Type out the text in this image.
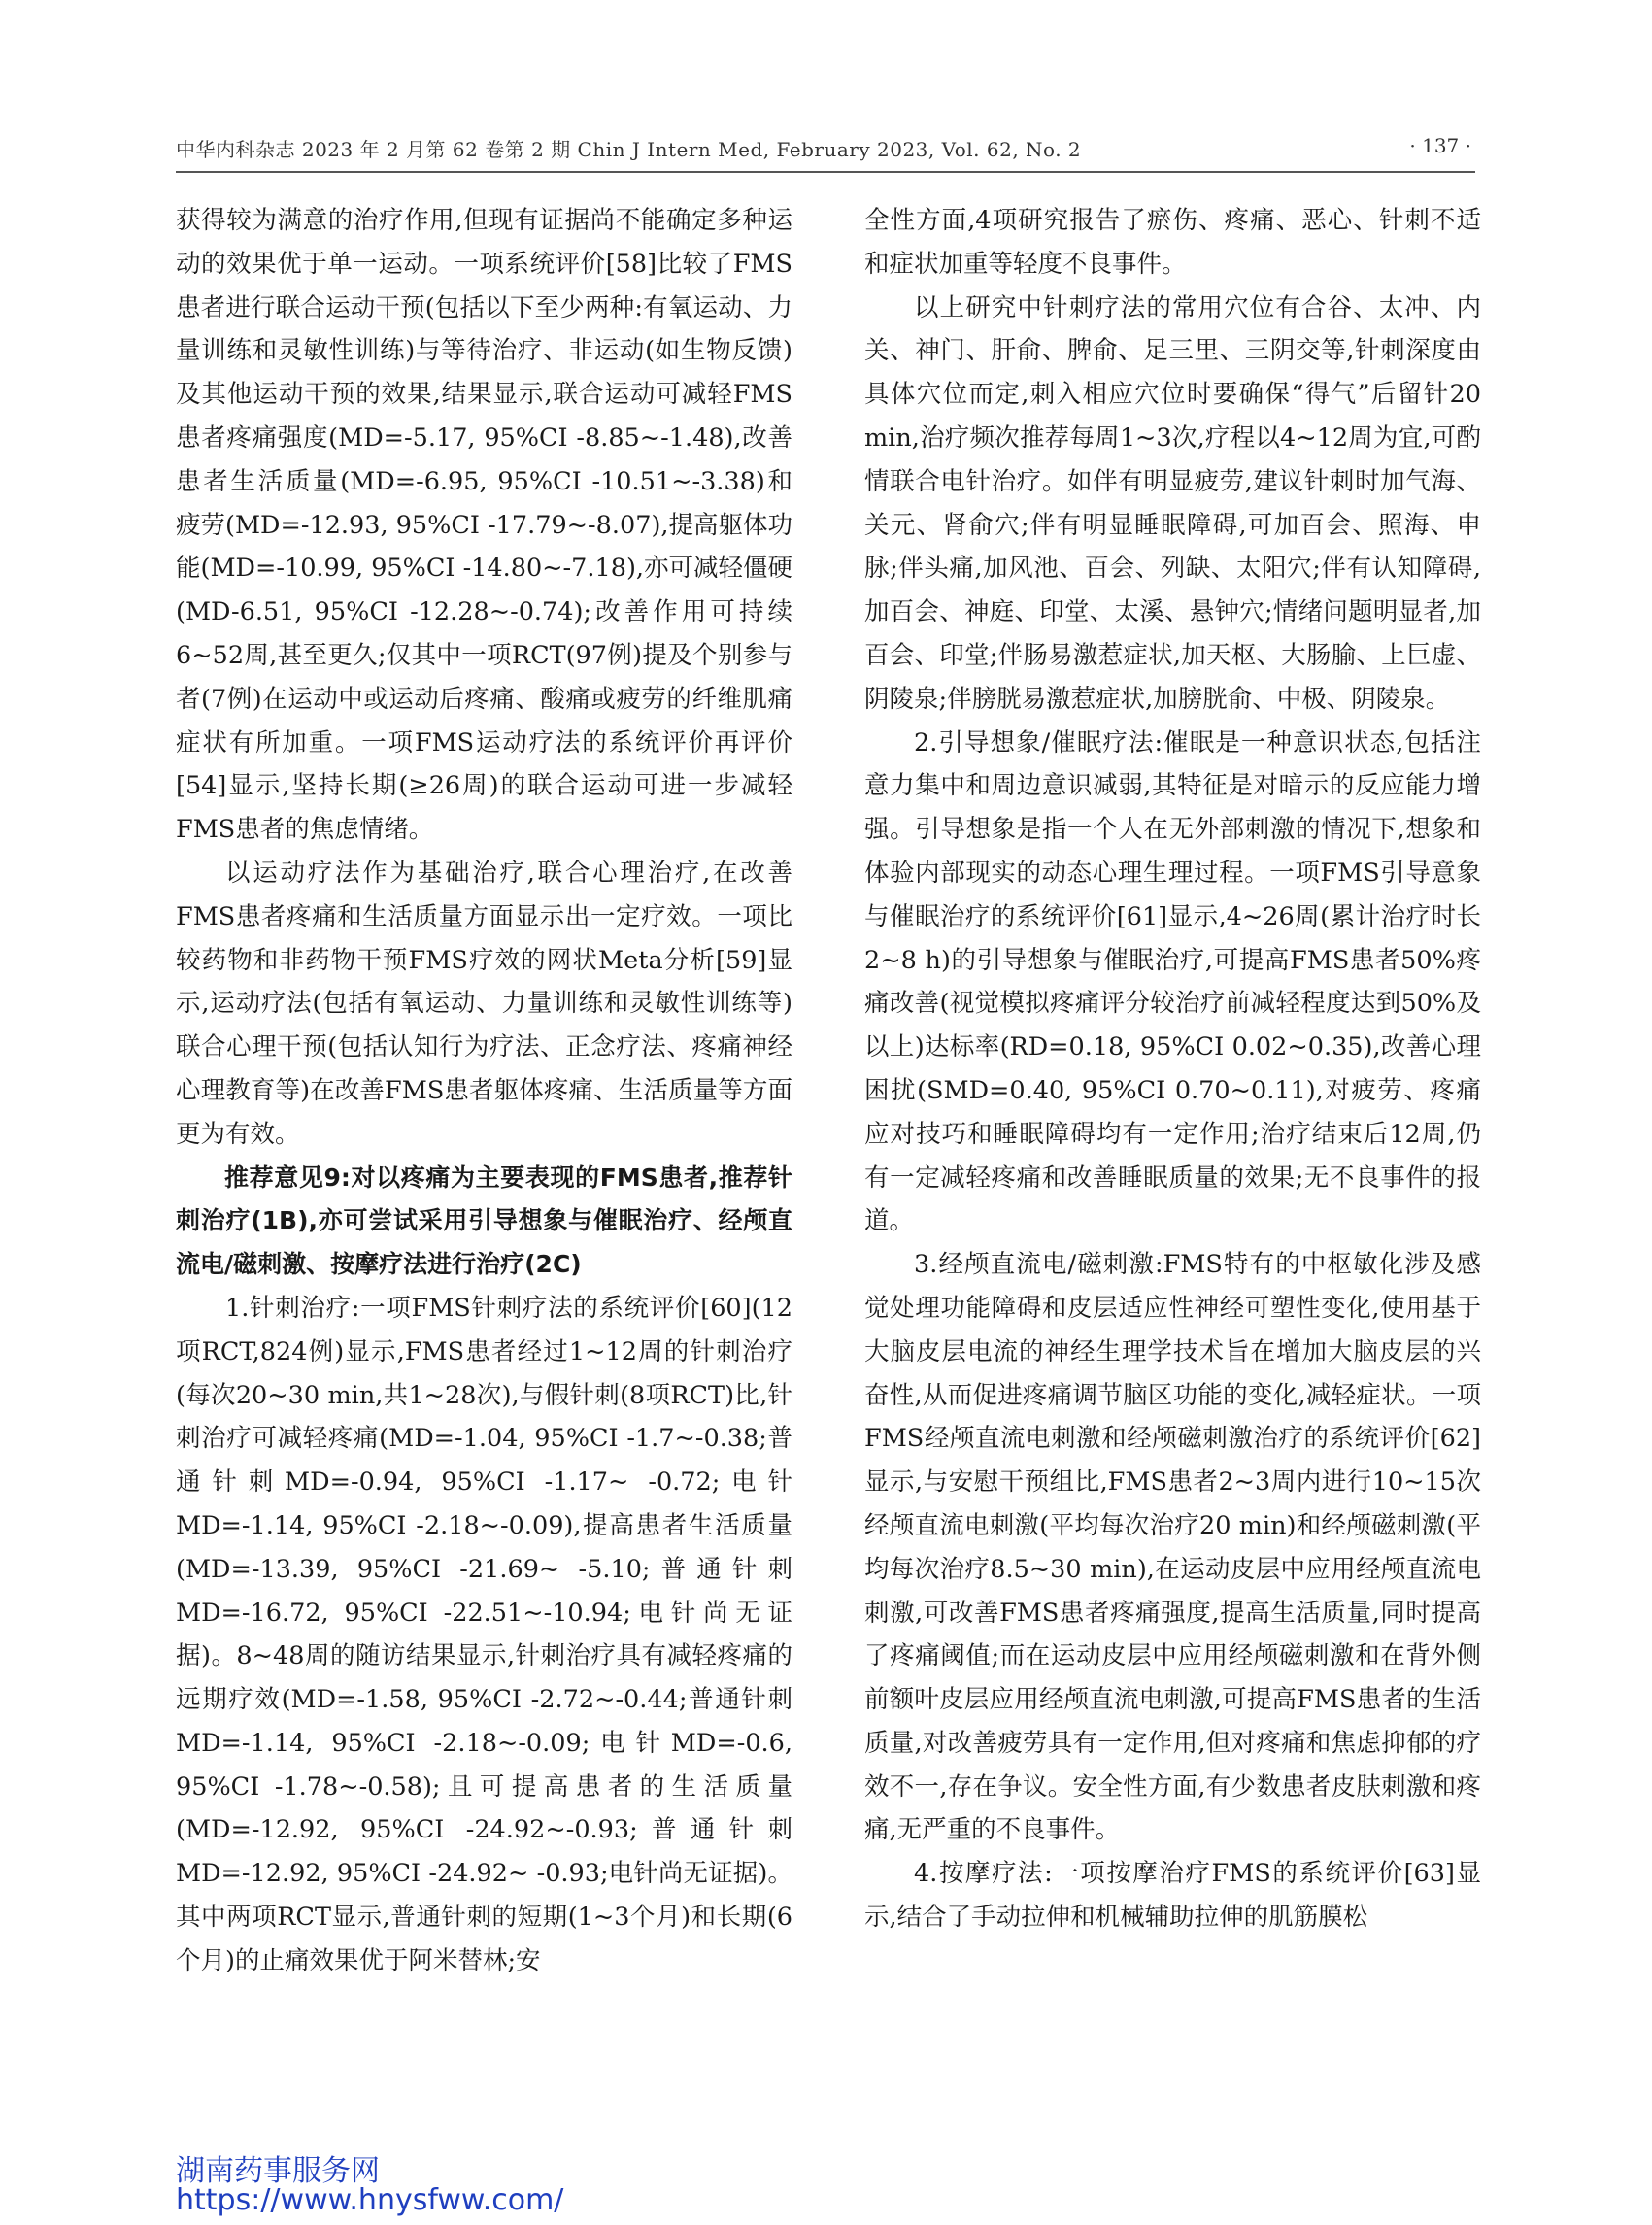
中华内科杂志 2023 年 2 月第 62 卷第 2 期 Chin J Intern Med, February 2023, Vol. 62, No. 2	· 137 ·

获得较为满意的治疗作用,但现有证据尚不能确定多种运动的效果优于单一运动。一项系统评价[58]比较了FMS患者进行联合运动干预(包括以下至少两种:有氧运动、力量训练和灵敏性训练)与等待治疗、非运动(如生物反馈)及其他运动干预的效果,结果显示,联合运动可减轻FMS患者疼痛强度(MD=-5.17, 95%CI -8.85~-1.48),改善患者生活质量(MD=-6.95, 95%CI -10.51~-3.38)和疲劳(MD=-12.93, 95%CI -17.79~-8.07),提高躯体功能(MD=-10.99, 95%CI -14.80~-7.18),亦可减轻僵硬(MD-6.51, 95%CI -12.28~-0.74);改善作用可持续6~52周,甚至更久;仅其中一项RCT(97例)提及个别参与者(7例)在运动中或运动后疼痛、酸痛或疲劳的纤维肌痛症状有所加重。一项FMS运动疗法的系统评价再评价[54]显示,坚持长期(≥26周)的联合运动可进一步减轻FMS患者的焦虑情绪。

以运动疗法作为基础治疗,联合心理治疗,在改善FMS患者疼痛和生活质量方面显示出一定疗效。一项比较药物和非药物干预FMS疗效的网状Meta分析[59]显示,运动疗法(包括有氧运动、力量训练和灵敏性训练等)联合心理干预(包括认知行为疗法、正念疗法、疼痛神经心理教育等)在改善FMS患者躯体疼痛、生活质量等方面更为有效。

推荐意见9:对以疼痛为主要表现的FMS患者,推荐针刺治疗(1B),亦可尝试采用引导想象与催眠治疗、经颅直流电/磁刺激、按摩疗法进行治疗(2C)

1.针刺治疗:一项FMS针刺疗法的系统评价[60](12项RCT,824例)显示,FMS患者经过1~12周的针刺治疗(每次20~30 min,共1~28次),与假针刺(8项RCT)比,针刺治疗可减轻疼痛(MD=-1.04, 95%CI -1.7~-0.38;普通针刺MD=-0.94, 95%CI -1.17~ -0.72;电针 MD=-1.14, 95%CI -2.18~-0.09),提高患者生活质量(MD=-13.39, 95%CI -21.69~ -5.10;普通针刺MD=-16.72, 95%CI -22.51~-10.94;电针尚无证据)。8~48周的随访结果显示,针刺治疗具有减轻疼痛的远期疗效(MD=-1.58, 95%CI -2.72~-0.44;普通针刺MD=-1.14, 95%CI -2.18~-0.09;电针MD=-0.6, 95%CI -1.78~-0.58);且可提高患者的生活质量(MD=-12.92, 95%CI -24.92~-0.93;普通针刺MD=-12.92, 95%CI -24.92~ -0.93;电针尚无证据)。其中两项RCT显示,普通针刺的短期(1~3个月)和长期(6个月)的止痛效果优于阿米替林;安

全性方面,4项研究报告了瘀伤、疼痛、恶心、针刺不适和症状加重等轻度不良事件。

以上研究中针刺疗法的常用穴位有合谷、太冲、内关、神门、肝俞、脾俞、足三里、三阴交等,针刺深度由具体穴位而定,刺入相应穴位时要确保“得气”后留针20 min,治疗频次推荐每周1~3次,疗程以4~12周为宜,可酌情联合电针治疗。如伴有明显疲劳,建议针刺时加气海、关元、肾俞穴;伴有明显睡眠障碍,可加百会、照海、申脉;伴头痛,加风池、百会、列缺、太阳穴;伴有认知障碍,加百会、神庭、印堂、太溪、悬钟穴;情绪问题明显者,加百会、印堂;伴肠易激惹症状,加天枢、大肠腧、上巨虚、阴陵泉;伴膀胱易激惹症状,加膀胱俞、中极、阴陵泉。

2.引导想象/催眠疗法:催眠是一种意识状态,包括注意力集中和周边意识减弱,其特征是对暗示的反应能力增强。引导想象是指一个人在无外部刺激的情况下,想象和体验内部现实的动态心理生理过程。一项FMS引导意象与催眠治疗的系统评价[61]显示,4~26周(累计治疗时长2~8 h)的引导想象与催眠治疗,可提高FMS患者50%疼痛改善(视觉模拟疼痛评分较治疗前减轻程度达到50%及以上)达标率(RD=0.18, 95%CI 0.02~0.35),改善心理困扰(SMD=0.40, 95%CI 0.70~0.11),对疲劳、疼痛应对技巧和睡眠障碍均有一定作用;治疗结束后12周,仍有一定减轻疼痛和改善睡眠质量的效果;无不良事件的报道。

3.经颅直流电/磁刺激:FMS特有的中枢敏化涉及感觉处理功能障碍和皮层适应性神经可塑性变化,使用基于大脑皮层电流的神经生理学技术旨在增加大脑皮层的兴奋性,从而促进疼痛调节脑区功能的变化,减轻症状。一项FMS经颅直流电刺激和经颅磁刺激治疗的系统评价[62]显示,与安慰干预组比,FMS患者2~3周内进行10~15次经颅直流电刺激(平均每次治疗20 min)和经颅磁刺激(平均每次治疗8.5~30 min),在运动皮层中应用经颅直流电刺激,可改善FMS患者疼痛强度,提高生活质量,同时提高了疼痛阈值;而在运动皮层中应用经颅磁刺激和在背外侧前额叶皮层应用经颅直流电刺激,可提高FMS患者的生活质量,对改善疲劳具有一定作用,但对疼痛和焦虑抑郁的疗效不一,存在争议。安全性方面,有少数患者皮肤刺激和疼痛,无严重的不良事件。

4.按摩疗法:一项按摩治疗FMS的系统评价[63]显示,结合了手动拉伸和机械辅助拉伸的肌筋膜松

湖南药事服务网
https://www.hnysfww.com/
